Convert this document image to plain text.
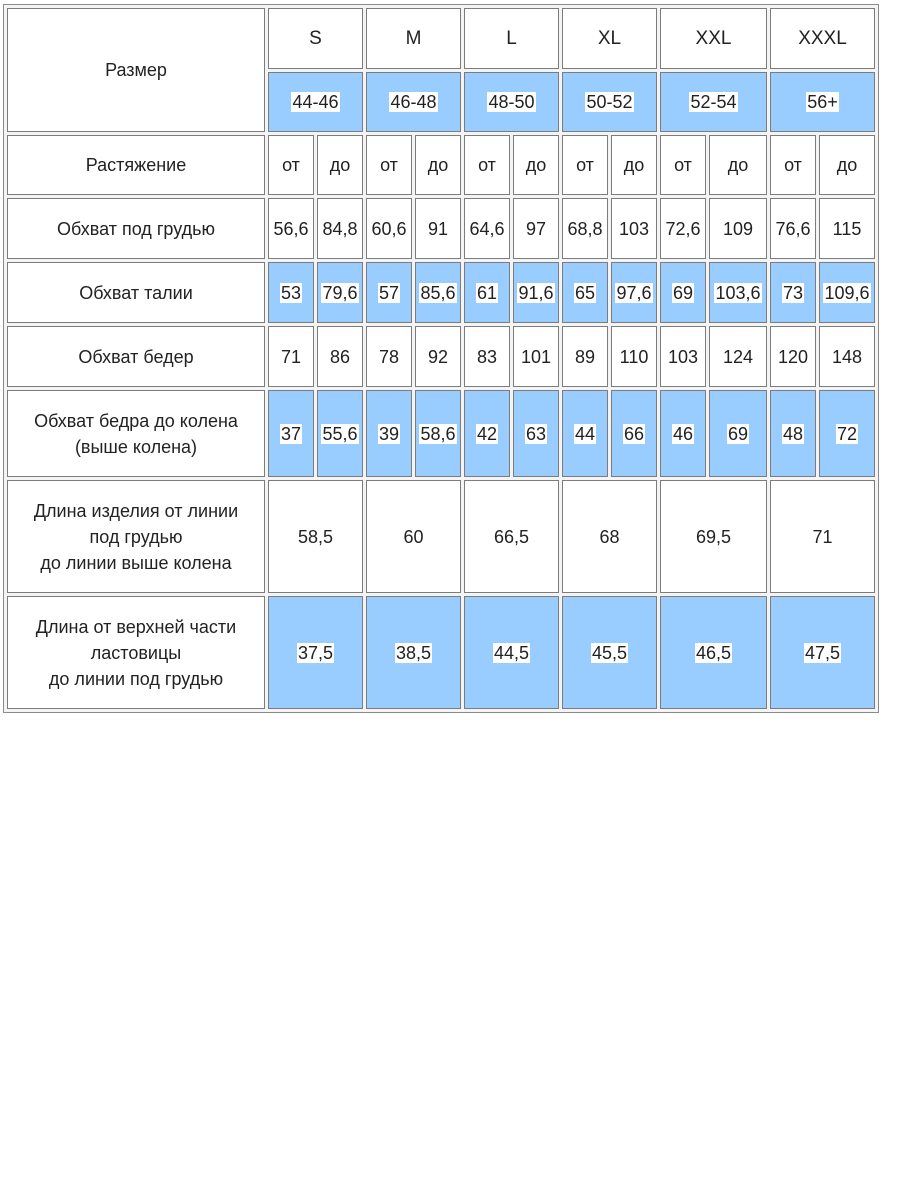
Размер	S		M		L		XL		XXL		XXXL	
	44-46		46-48		48-50		50-52		52-54		56+	
Растяжение	от	до	от	до	от	до	от	до	от	до	от	до
Обхват под грудью	56,6	84,8	60,6	91	64,6	97	68,8	103	72,6	109	76,6	115
Обхват талии	53	79,6	57	85,6	61	91,6	65	97,6	69	103,6	73	109,6
Обхват бедер	71	86	78	92	83	101	89	110	103	124	120	148

Обхват бедра до колена
(выше колена)	37	55,6	39	58,6	42	63	44	66	46	69	48	72

Длина изделия от линии
под грудью
до линии выше колена	58,5		60		66,5		68		69,5		71	

Длина от верхней части
ластовицы
до линии под грудью	37,5		38,5		44,5		45,5		46,5		47,5	
